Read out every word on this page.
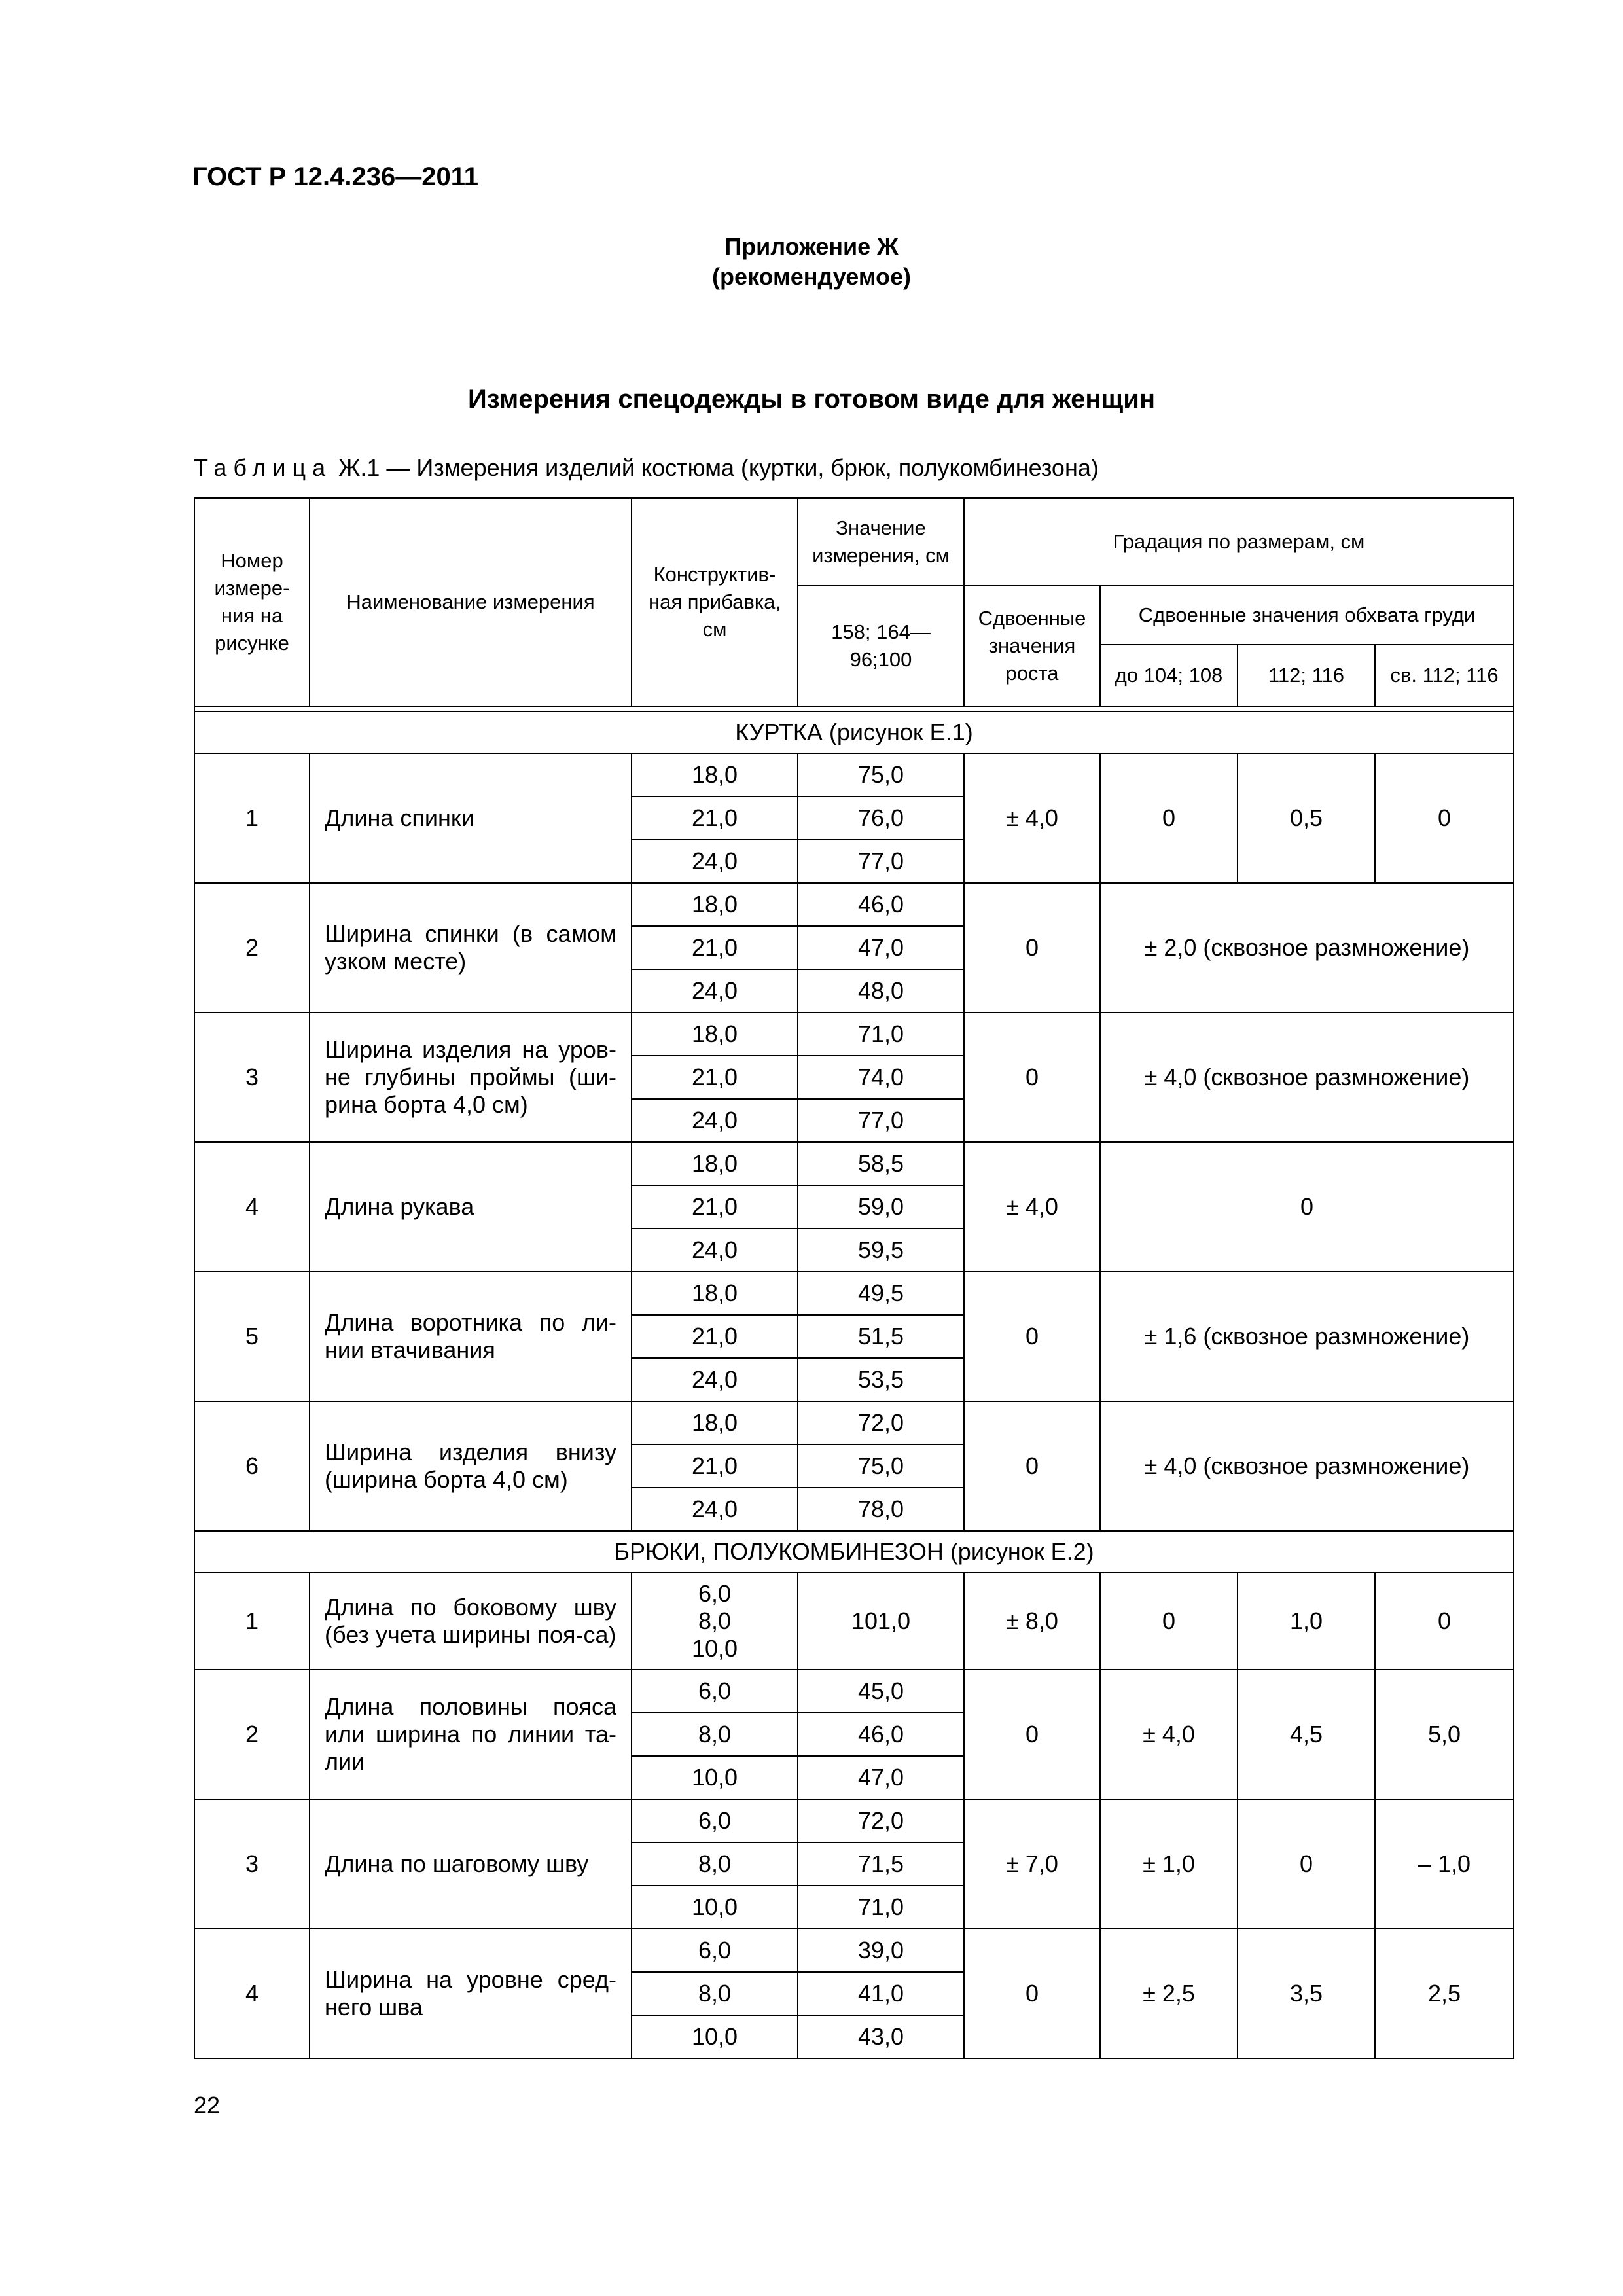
ГОСТ Р 12.4.236—2011
Приложение Ж
(рекомендуемое)
Измерения спецодежды в готовом виде для женщин
Таблица Ж.1 — Измерения изделий костюма (куртки, брюк, полукомбинезона)
Номер измере-ния на рисунке	Наименование измерения	Конструктив-ная прибавка, см	Значение измерения, см	Градация по размерам, см			
			158; 164—96;100	Сдвоенные значения роста	Сдвоенные значения обхвата груди		
					до 104; 108	112; 116	св. 112; 116

КУРТКА (рисунок Е.1)							
1	Длина спинки	18,0	75,0	± 4,0	0	0,5	0
		21,0	76,0				
		24,0	77,0				
2	Ширина спинки (в самом узком месте)	18,0	46,0	0	± 2,0 (сквозное размножение)		
		21,0	47,0				
		24,0	48,0				
3	Ширина изделия на уров-не глубины проймы (ши-рина борта 4,0 см)	18,0	71,0	0	± 4,0 (сквозное размножение)		
		21,0	74,0				
		24,0	77,0				
4	Длина рукава	18,0	58,5	± 4,0	0		
		21,0	59,0				
		24,0	59,5				
5	Длина воротника по ли-нии втачивания	18,0	49,5	0	± 1,6 (сквозное размножение)		
		21,0	51,5				
		24,0	53,5				
6	Ширина изделия внизу (ширина борта 4,0 см)	18,0	72,0	0	± 4,0 (сквозное размножение)		
		21,0	75,0				
		24,0	78,0				
БРЮКИ, ПОЛУКОМБИНЕЗОН (рисунок Е.2)							
1	Длина по боковому шву (без учета ширины поя-са)	6,0
8,0
10,0	101,0	± 8,0	0	1,0	0
2	Длина половины пояса или ширина по линии та-лии	6,0	45,0	0	± 4,0	4,5	5,0
		8,0	46,0				
		10,0	47,0				
3	Длина по шаговому шву	6,0	72,0	± 7,0	± 1,0	0	– 1,0
		8,0	71,5				
		10,0	71,0				
4	Ширина на уровне сред-него шва	6,0	39,0	0	± 2,5	3,5	2,5
		8,0	41,0				
		10,0	43,0				
22
